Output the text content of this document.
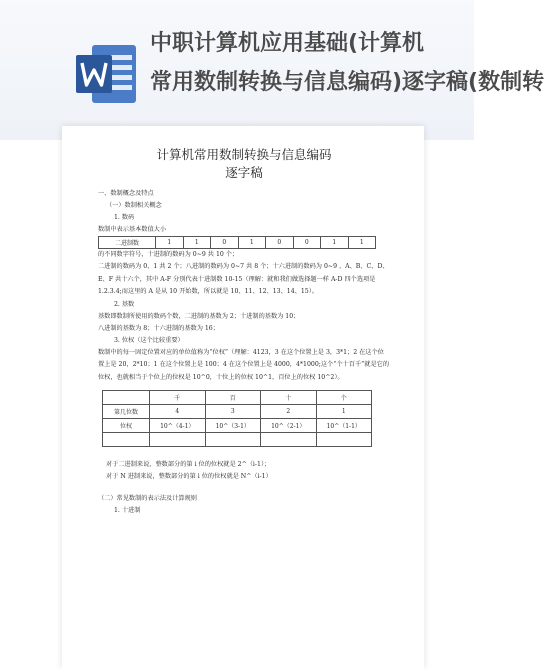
中职计算机应用基础(计算机
常用数制转换与信息编码)逐字稿(数制转
计算机常用数制转换与信息编码
逐字稿
一、数制概念及特点
（一）数制相关概念
1. 数码
数制中表示基本数值大小
二进制数	1	1	0	1	0	0	1	1
的不同数字符号，十进制的数码为 0~9 共 10 个；
二进制的数码为 0、1 共 2 个；八进制的数码为 0~7 共 8 个；十六进制的数码为 0~9 、A、B、C、D、E、F 共十六个，其中 A-F 分别代表十进制数 10-15（理解：就和我们做选择题一样 A-D 四个选项是 1.2.3.4;而这里的 A 是从 10 开始数，所以就是 10、11、12、13、14、15）。
2. 基数
基数即数制所使用的数码个数，二进制的基数为 2；十进制的基数为 10；
八进制的基数为 8；十六进制的基数为 16；
3. 位权（这个比较重要）
数制中的每一固定位置对应的单位值称为“位权”（理解：4123，3 在这个位置上是 3，3*1；2 在这个位置上是 20，2*10；1 在这个位置上是 100；4 在这个位置上是 4000，4*1000;这个“个十百千”就是它的位权，也就相当于个位上的位权是 10^0，十位上的位权 10^1，百位上的位权 10^2）。
	千	百	十	个
第几位数	4	3	2	1
位权	10^（4-1）	10^（3-1）	10^（2-1）	10^（1-1）

对于二进制来说，整数部分的第 i 位的位权就是 2^（i-1）；
对于 N 进制来说，整数部分的第 i 位的位权就是 N^（i-1）
（二）常见数制的表示法及计算规则
1. 十进制
